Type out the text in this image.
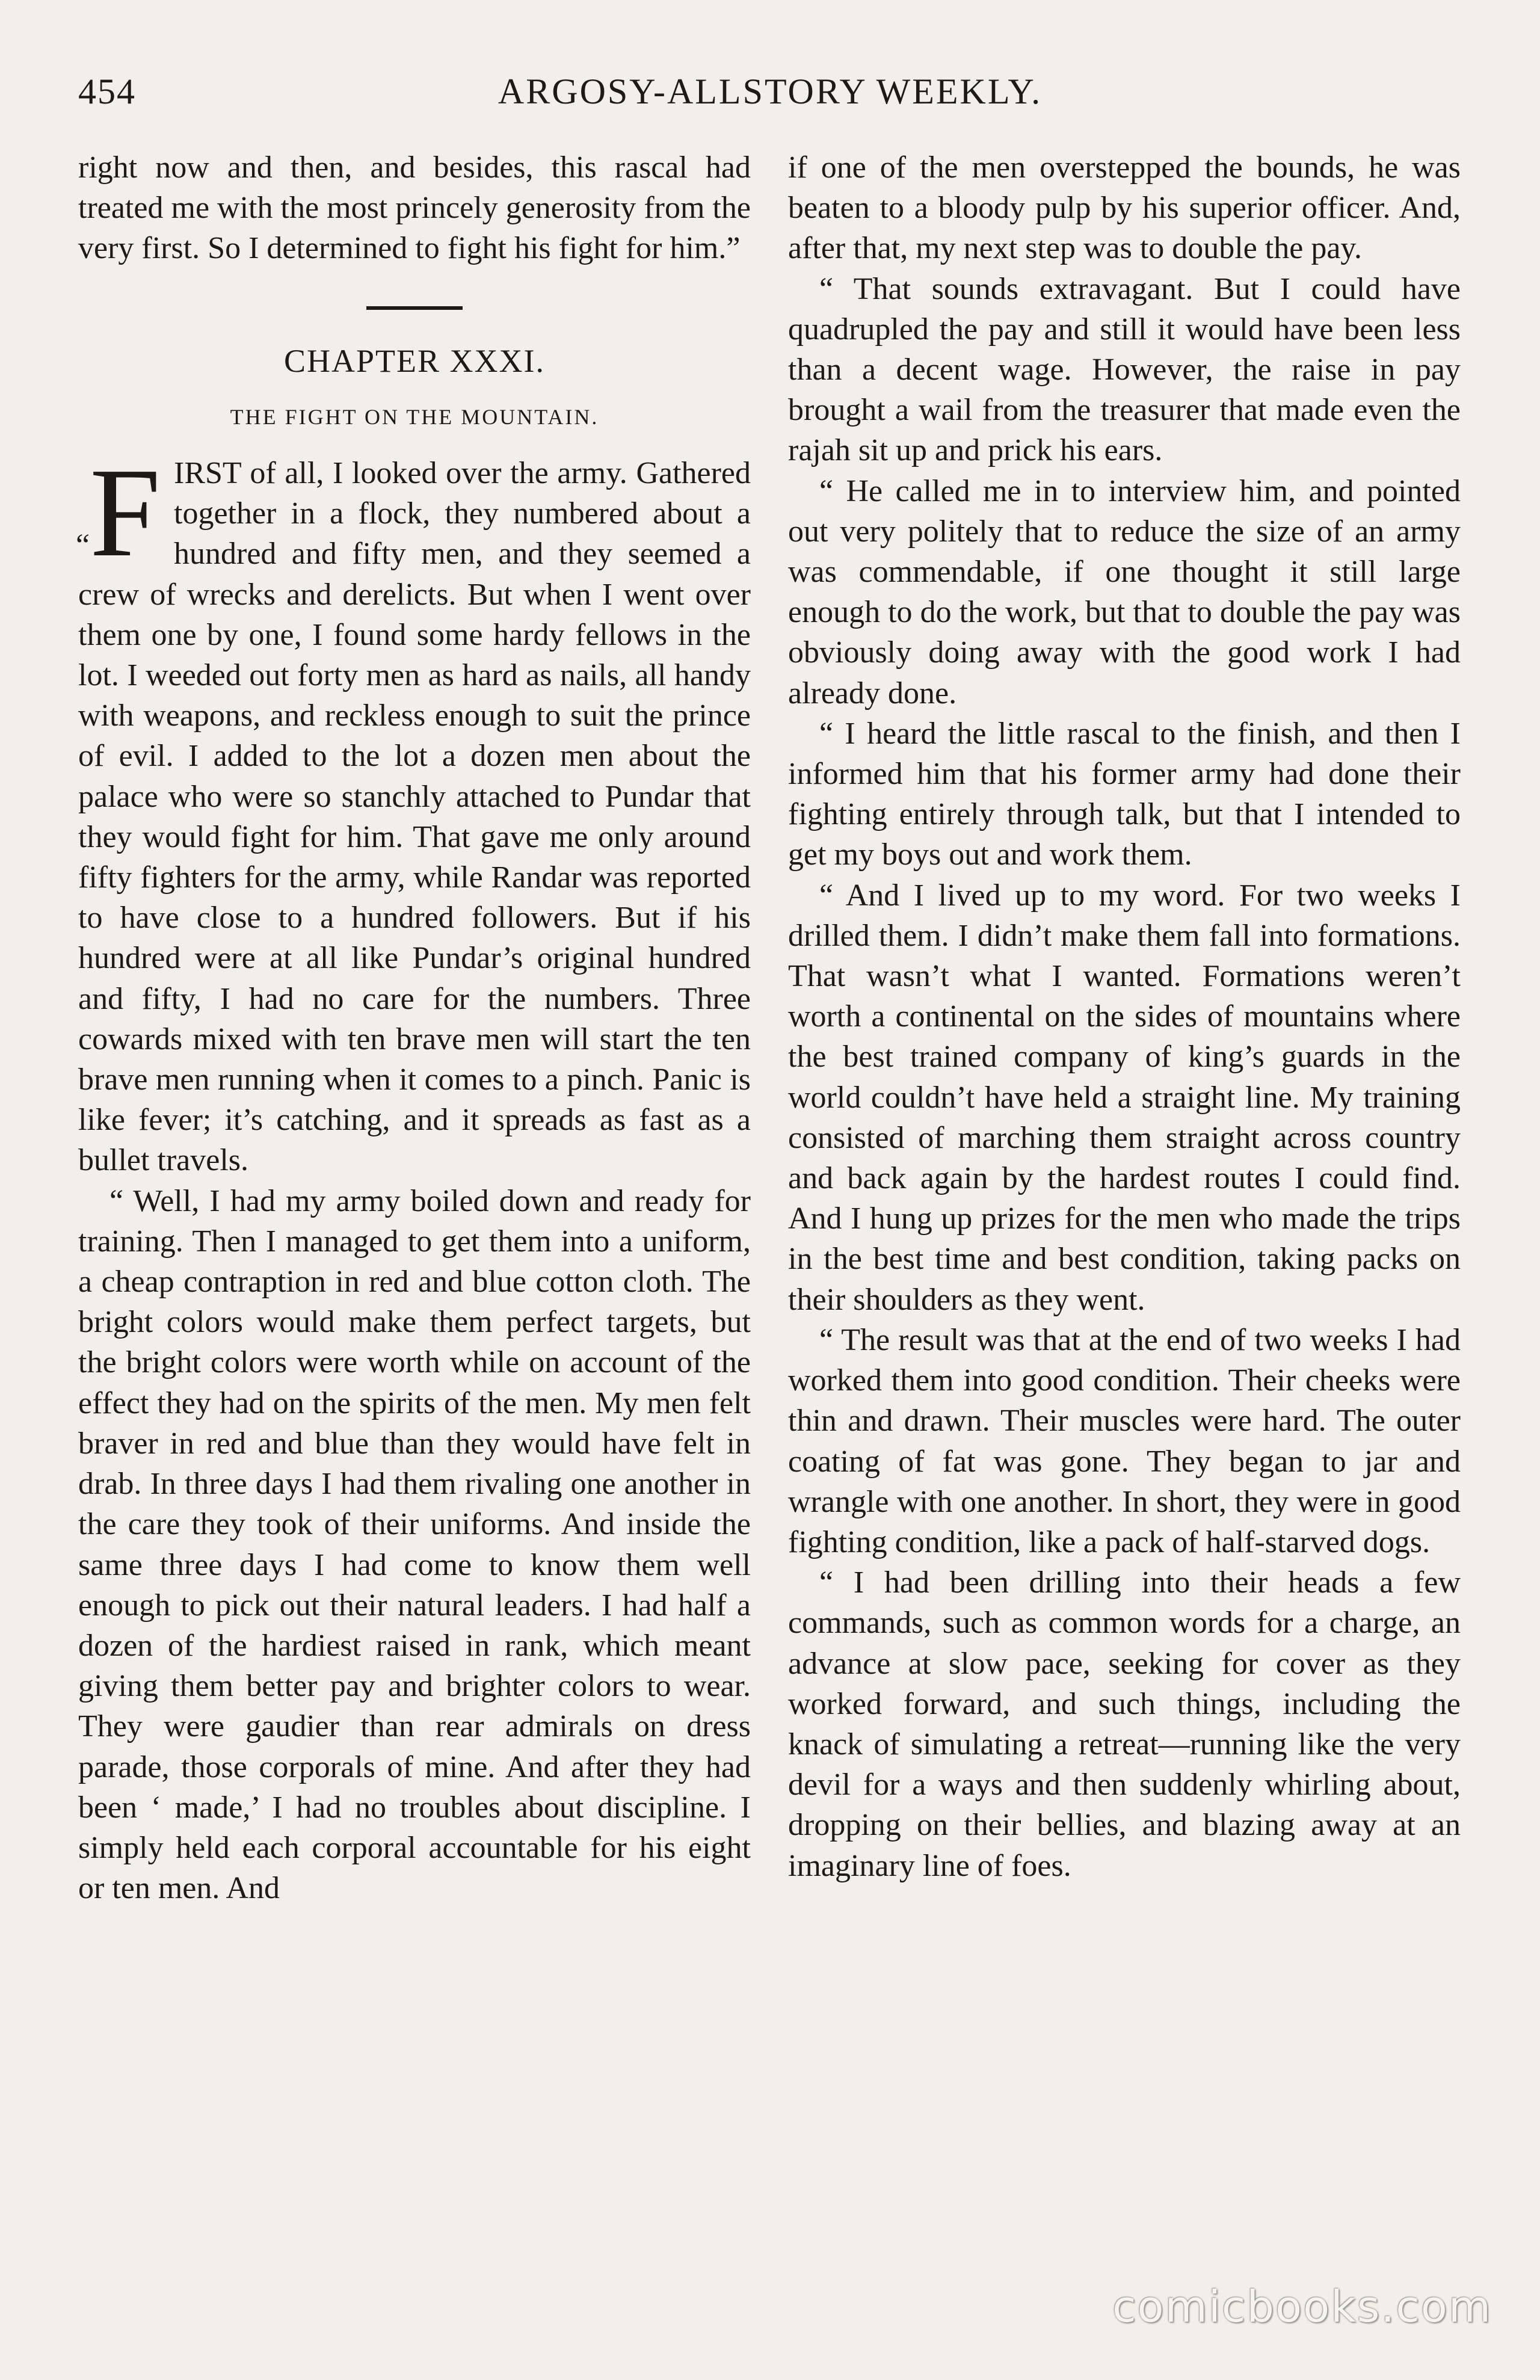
454	ARGOSY-ALLSTORY WEEKLY.

right now and then, and besides, this rascal had treated me with the most princely generosity from the very first. So I determined to fight his fight for him.”

CHAPTER XXXI.

THE FIGHT ON THE MOUNTAIN.

“F IRST of all, I looked over the army. Gathered together in a flock, they numbered about a hundred and fifty men, and they seemed a crew of wrecks and derelicts. But when I went over them one by one, I found some hardy fellows in the lot. I weeded out forty men as hard as nails, all handy with weapons, and reckless enough to suit the prince of evil. I added to the lot a dozen men about the palace who were so stanchly attached to Pundar that they would fight for him. That gave me only around fifty fighters for the army, while Randar was reported to have close to a hundred followers. But if his hundred were at all like Pundar’s original hundred and fifty, I had no care for the numbers. Three cowards mixed with ten brave men will start the ten brave men running when it comes to a pinch. Panic is like fever; it’s catching, and it spreads as fast as a bullet travels.

“ Well, I had my army boiled down and ready for training. Then I managed to get them into a uniform, a cheap contraption in red and blue cotton cloth. The bright colors would make them perfect targets, but the bright colors were worth while on account of the effect they had on the spirits of the men. My men felt braver in red and blue than they would have felt in drab. In three days I had them rivaling one another in the care they took of their uniforms. And inside the same three days I had come to know them well enough to pick out their natural leaders. I had half a dozen of the hardiest raised in rank, which meant giving them better pay and brighter colors to wear. They were gaudier than rear admirals on dress parade, those corporals of mine. And after they had been ‘ made,’ I had no troubles about discipline. I simply held each corporal accountable for his eight or ten men. And

if one of the men overstepped the bounds, he was beaten to a bloody pulp by his superior officer. And, after that, my next step was to double the pay.

“ That sounds extravagant. But I could have quadrupled the pay and still it would have been less than a decent wage. However, the raise in pay brought a wail from the treasurer that made even the rajah sit up and prick his ears.

“ He called me in to interview him, and pointed out very politely that to reduce the size of an army was commendable, if one thought it still large enough to do the work, but that to double the pay was obviously doing away with the good work I had already done.

“ I heard the little rascal to the finish, and then I informed him that his former army had done their fighting entirely through talk, but that I intended to get my boys out and work them.

“ And I lived up to my word. For two weeks I drilled them. I didn’t make them fall into formations. That wasn’t what I wanted. Formations weren’t worth a continental on the sides of mountains where the best trained company of king’s guards in the world couldn’t have held a straight line. My training consisted of marching them straight across country and back again by the hardest routes I could find. And I hung up prizes for the men who made the trips in the best time and best condition, taking packs on their shoulders as they went.

“ The result was that at the end of two weeks I had worked them into good condition. Their cheeks were thin and drawn. Their muscles were hard. The outer coating of fat was gone. They began to jar and wrangle with one another. In short, they were in good fighting condition, like a pack of half-starved dogs.

“ I had been drilling into their heads a few commands, such as common words for a charge, an advance at slow pace, seeking for cover as they worked forward, and such things, including the knack of simulating a retreat—running like the very devil for a ways and then suddenly whirling about, dropping on their bellies, and blazing away at an imaginary line of foes.

comicbooks.com
